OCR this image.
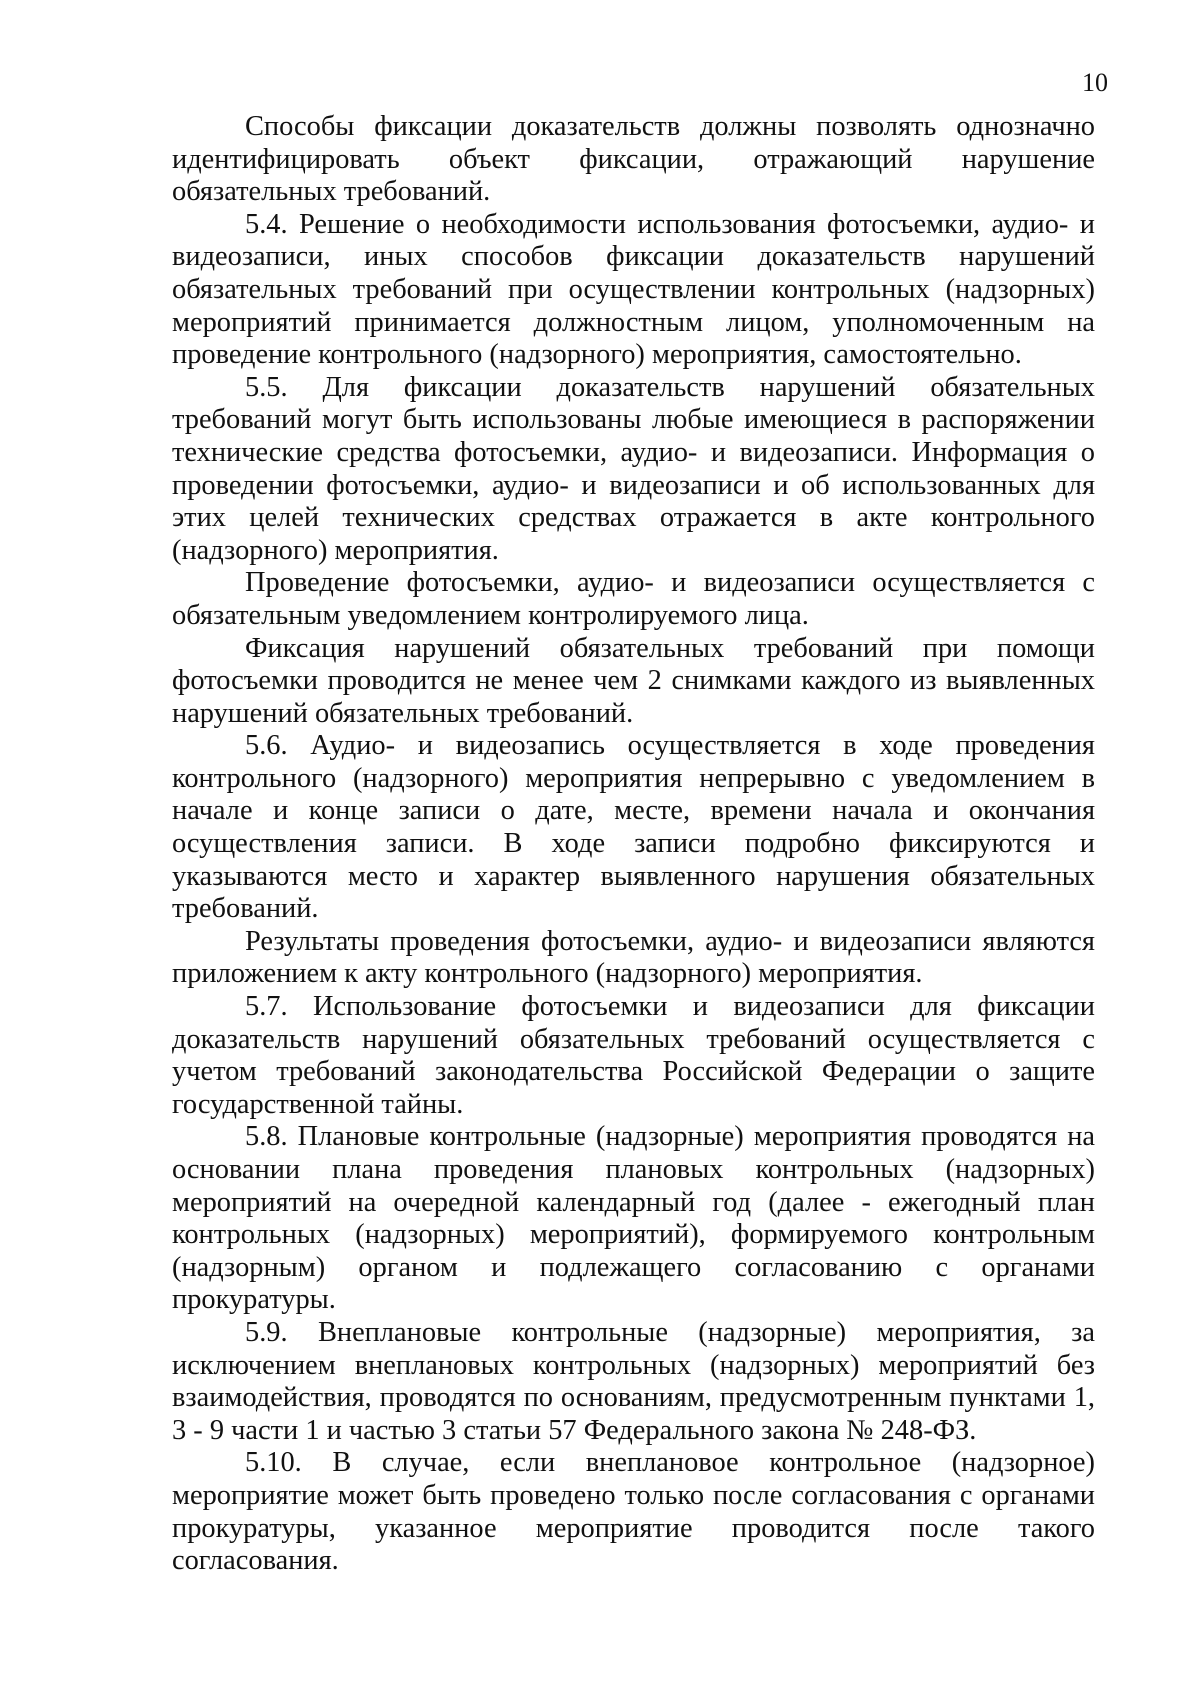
10

Способы фиксации доказательств должны позволять однозначно идентифицировать объект фиксации, отражающий нарушение обязательных требований.

5.4. Решение о необходимости использования фотосъемки, аудио- и видеозаписи, иных способов фиксации доказательств нарушений обязательных требований при осуществлении контрольных (надзорных) мероприятий принимается должностным лицом, уполномоченным на проведение контрольного (надзорного) мероприятия, самостоятельно.

5.5. Для фиксации доказательств нарушений обязательных требований могут быть использованы любые имеющиеся в распоряжении технические средства фотосъемки, аудио- и видеозаписи. Информация о проведении фотосъемки, аудио- и видеозаписи и об использованных для этих целей технических средствах отражается в акте контрольного (надзорного) мероприятия.

Проведение фотосъемки, аудио- и видеозаписи осуществляется с обязательным уведомлением контролируемого лица.

Фиксация нарушений обязательных требований при помощи фотосъемки проводится не менее чем 2 снимками каждого из выявленных нарушений обязательных требований.

5.6. Аудио- и видеозапись осуществляется в ходе проведения контрольного (надзорного) мероприятия непрерывно с уведомлением в начале и конце записи о дате, месте, времени начала и окончания осуществления записи. В ходе записи подробно фиксируются и указываются место и характер выявленного нарушения обязательных требований.

Результаты проведения фотосъемки, аудио- и видеозаписи являются приложением к акту контрольного (надзорного) мероприятия.

5.7. Использование фотосъемки и видеозаписи для фиксации доказательств нарушений обязательных требований осуществляется с учетом требований законодательства Российской Федерации о защите государственной тайны.

5.8. Плановые контрольные (надзорные) мероприятия проводятся на основании плана проведения плановых контрольных (надзорных) мероприятий на очередной календарный год (далее - ежегодный план контрольных (надзорных) мероприятий), формируемого контрольным (надзорным) органом и подлежащего согласованию с органами прокуратуры.

5.9. Внеплановые контрольные (надзорные) мероприятия, за исключением внеплановых контрольных (надзорных) мероприятий без взаимодействия, проводятся по основаниям, предусмотренным пунктами 1, 3 - 9 части 1 и частью 3 статьи 57 Федерального закона № 248-ФЗ.

5.10. В случае, если внеплановое контрольное (надзорное) мероприятие может быть проведено только после согласования с органами прокуратуры, указанное мероприятие проводится после такого согласования.
